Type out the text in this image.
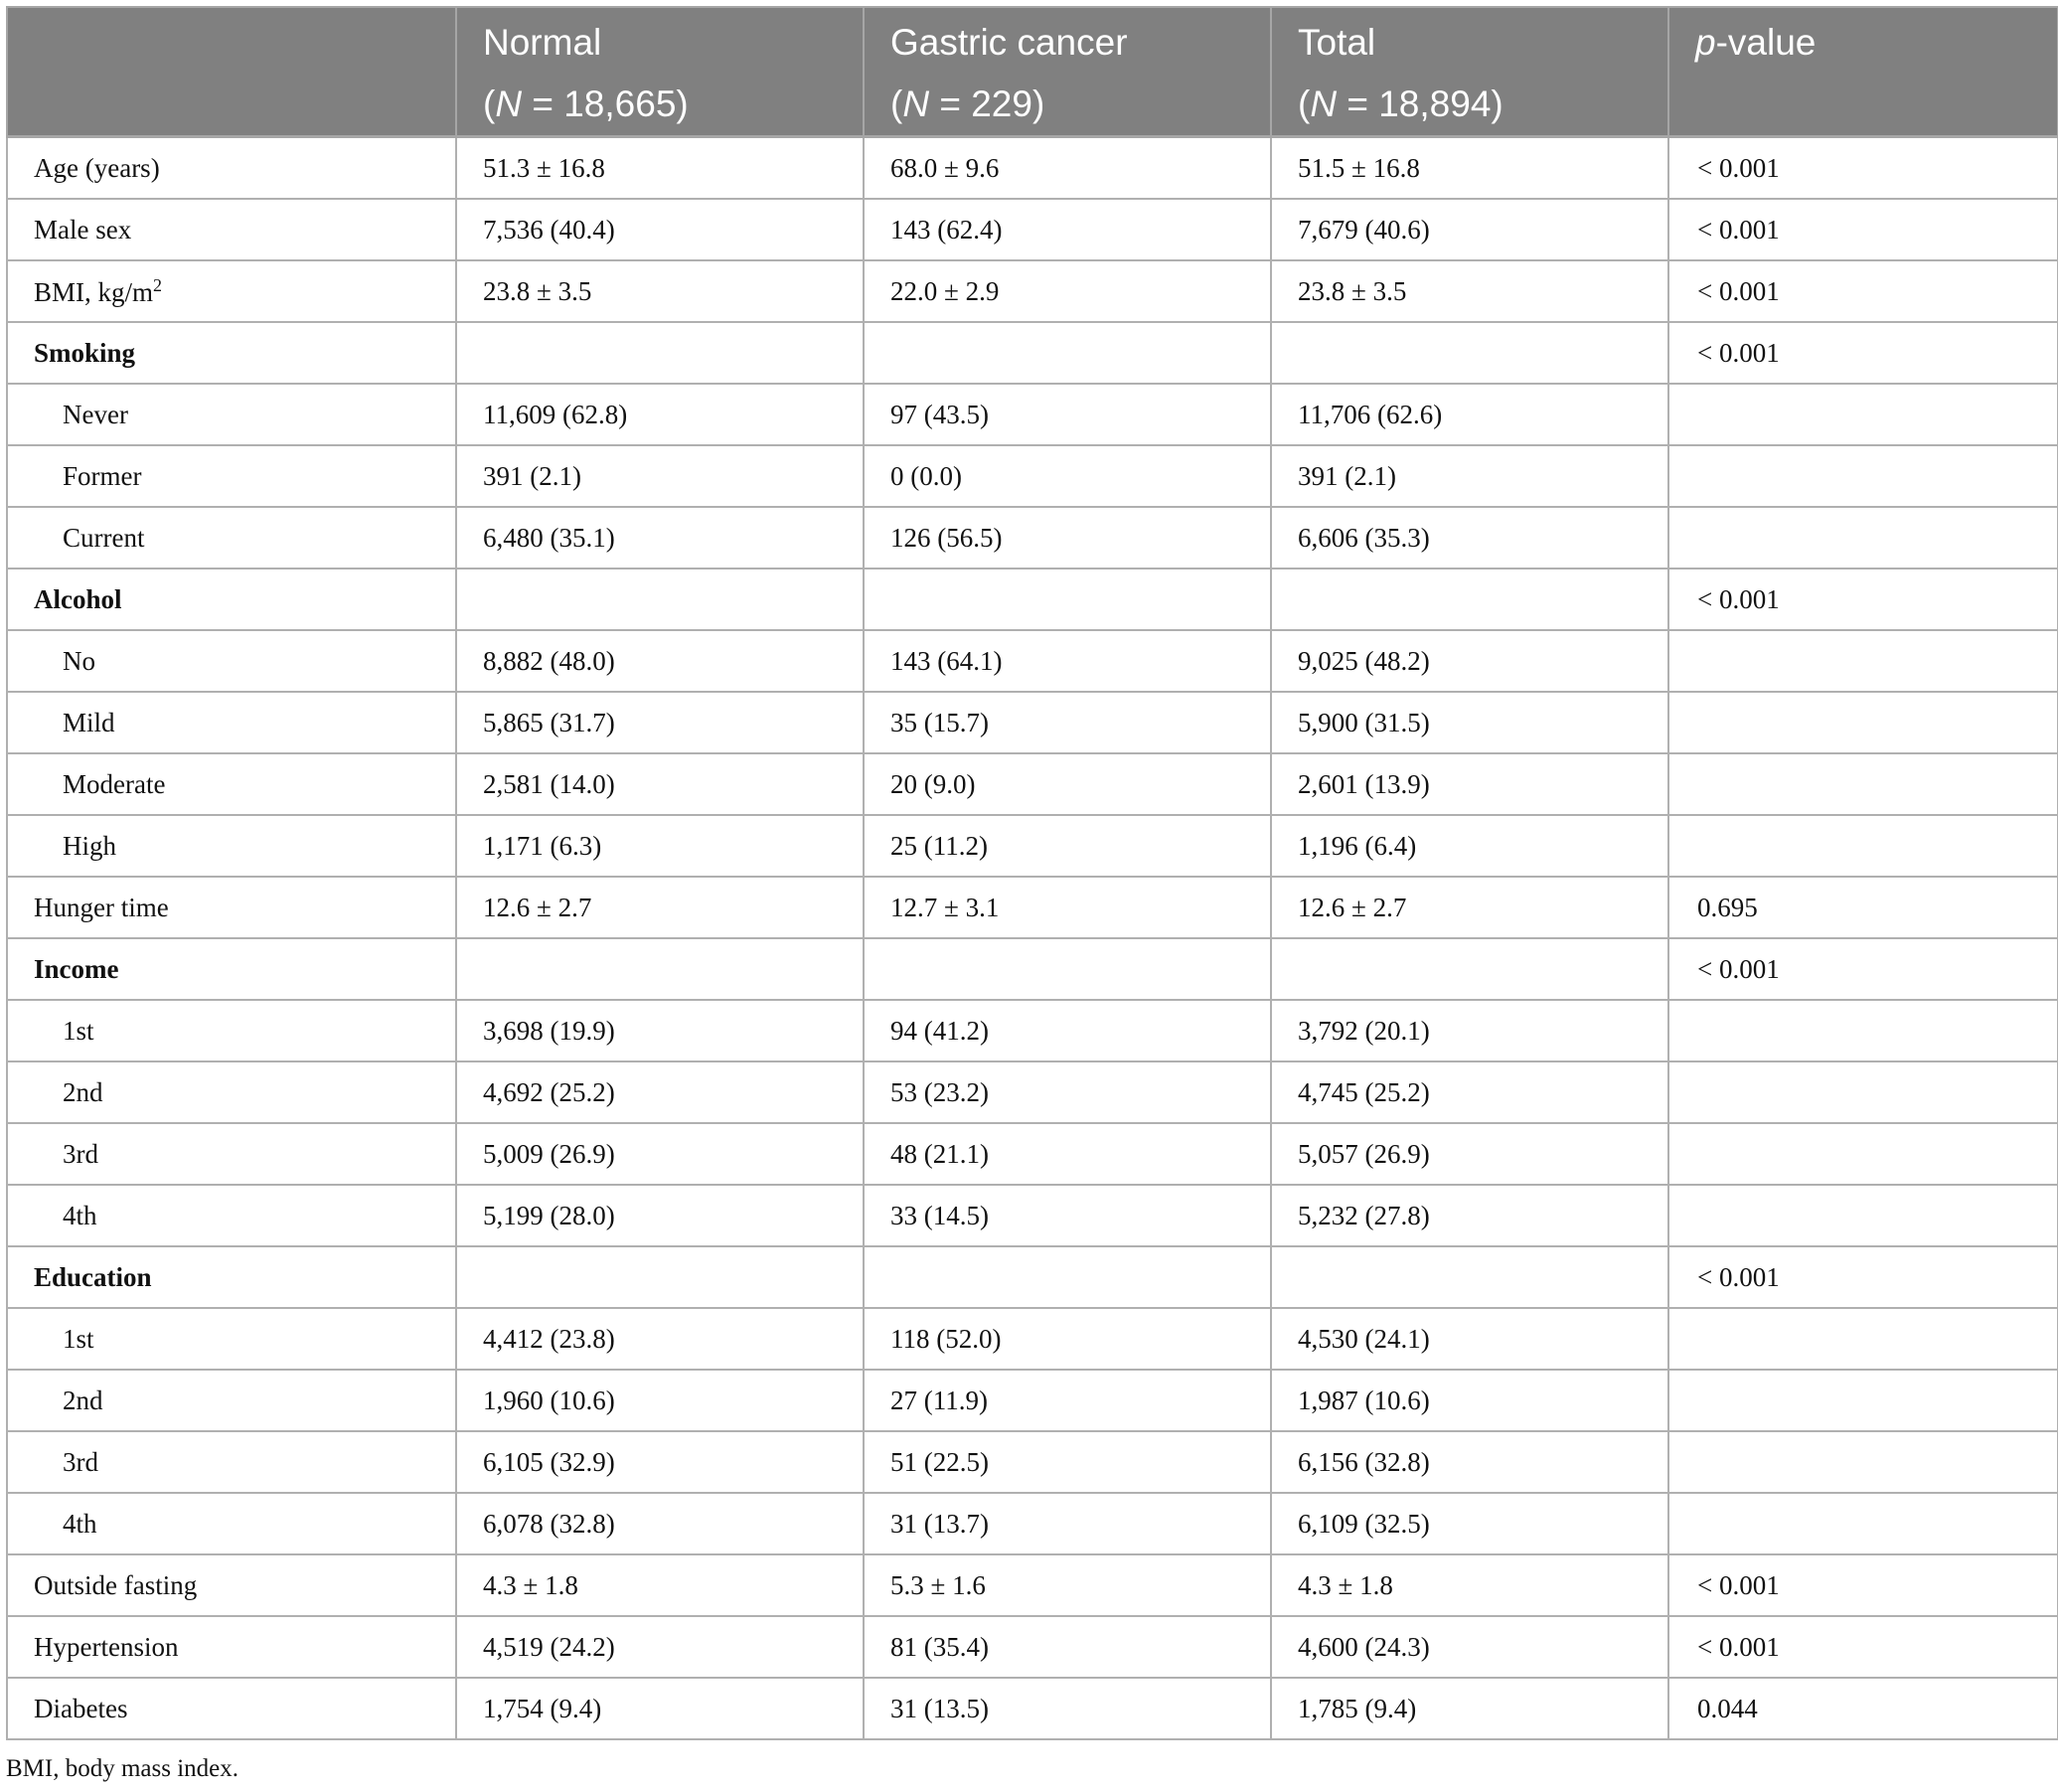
	Normal	Gastric cancer	Total	p-value
	(N = 18,665)	(N = 229)	(N = 18,894)	
Age (years)	51.3 ± 16.8	68.0 ± 9.6	51.5 ± 16.8	< 0.001
Male sex	7,536 (40.4)	143 (62.4)	7,679 (40.6)	< 0.001
BMI, $kg/m^2$	23.8 ± 3.5	22.0 ± 2.9	23.8 ± 3.5	< 0.001
Smoking				< 0.001
Never	11,609 (62.8)	97 (43.5)	11,706 (62.6)	
Former	391 (2.1)	0 (0.0)	391 (2.1)	
Current	6,480 (35.1)	126 (56.5)	6,606 (35.3)	
Alcohol				< 0.001
No	8,882 (48.0)	143 (64.1)	9,025 (48.2)	
Mild	5,865 (31.7)	35 (15.7)	5,900 (31.5)	
Moderate	2,581 (14.0)	20 (9.0)	2,601 (13.9)	
High	1,171 (6.3)	25 (11.2)	1,196 (6.4)	
Hunger time	12.6 ± 2.7	12.7 ± 3.1	12.6 ± 2.7	0.695
Income				< 0.001
1st	3,698 (19.9)	94 (41.2)	3,792 (20.1)	
2nd	4,692 (25.2)	53 (23.2)	4,745 (25.2)	
3rd	5,009 (26.9)	48 (21.1)	5,057 (26.9)	
4th	5,199 (28.0)	33 (14.5)	5,232 (27.8)	
Education				< 0.001
1st	4,412 (23.8)	118 (52.0)	4,530 (24.1)	
2nd	1,960 (10.6)	27 (11.9)	1,987 (10.6)	
3rd	6,105 (32.9)	51 (22.5)	6,156 (32.8)	
4th	6,078 (32.8)	31 (13.7)	6,109 (32.5)	
Outside fasting	4.3 ± 1.8	5.3 ± 1.6	4.3 ± 1.8	< 0.001
Hypertension	4,519 (24.2)	81 (35.4)	4,600 (24.3)	< 0.001
Diabetes	1,754 (9.4)	31 (13.5)	1,785 (9.4)	0.044
BMI, body mass index.
